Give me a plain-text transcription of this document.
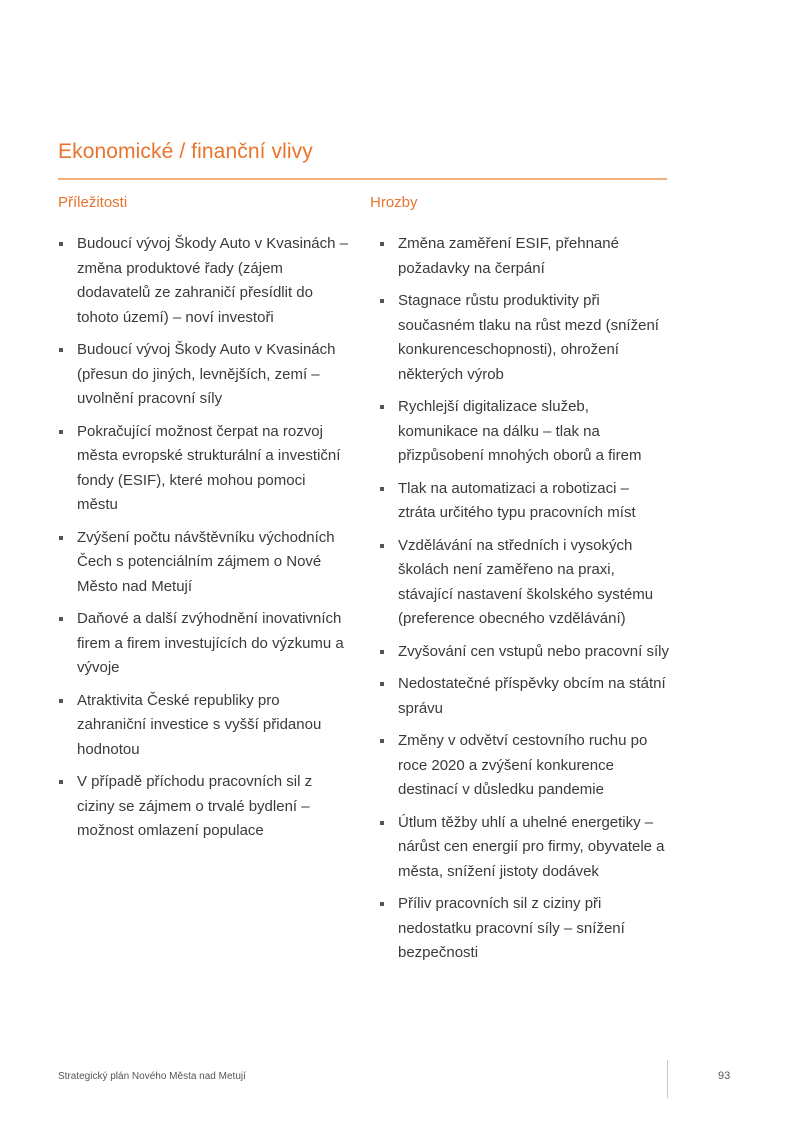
Ekonomické / finanční vlivy
Příležitosti
Budoucí vývoj Škody Auto v Kvasinách – změna produktové řady (zájem dodavatelů ze zahraničí přesídlit do tohoto území) – noví investoři
Budoucí vývoj Škody Auto v Kvasinách (přesun do jiných, levnějších, zemí – uvolnění pracovní síly
Pokračující možnost čerpat na rozvoj města evropské strukturální a investiční fondy (ESIF), které mohou pomoci městu
Zvýšení počtu návštěvníku východních Čech s potenciálním zájmem o Nové Město nad Metují
Daňové a další zvýhodnění inovativních firem a firem investujících do výzkumu a vývoje
Atraktivita České republiky pro zahraniční investice s vyšší přidanou hodnotou
V případě příchodu pracovních sil z ciziny se zájmem o trvalé bydlení – možnost omlazení populace
Hrozby
Změna zaměření ESIF, přehnané požadavky na čerpání
Stagnace růstu produktivity při současném tlaku na růst mezd (snížení konkurenceschopnosti), ohrožení některých výrob
Rychlejší digitalizace služeb, komunikace na dálku – tlak na přizpůsobení mnohých oborů a firem
Tlak na automatizaci a robotizaci – ztráta určitého typu pracovních míst
Vzdělávání na středních i vysokých školách není zaměřeno na praxi, stávající nastavení školského systému (preference obecného vzdělávání)
Zvyšování cen vstupů nebo pracovní síly
Nedostatečné příspěvky obcím na státní správu
Změny v odvětví cestovního ruchu po roce 2020 a zvýšení konkurence destinací v důsledku pandemie
Útlum těžby uhlí a uhelné energetiky – nárůst cen energií pro firmy, obyvatele a města, snížení jistoty dodávek
Příliv pracovních sil z ciziny při nedostatku pracovní síly – snížení bezpečnosti
Strategický plán Nového Města nad Metují	93
